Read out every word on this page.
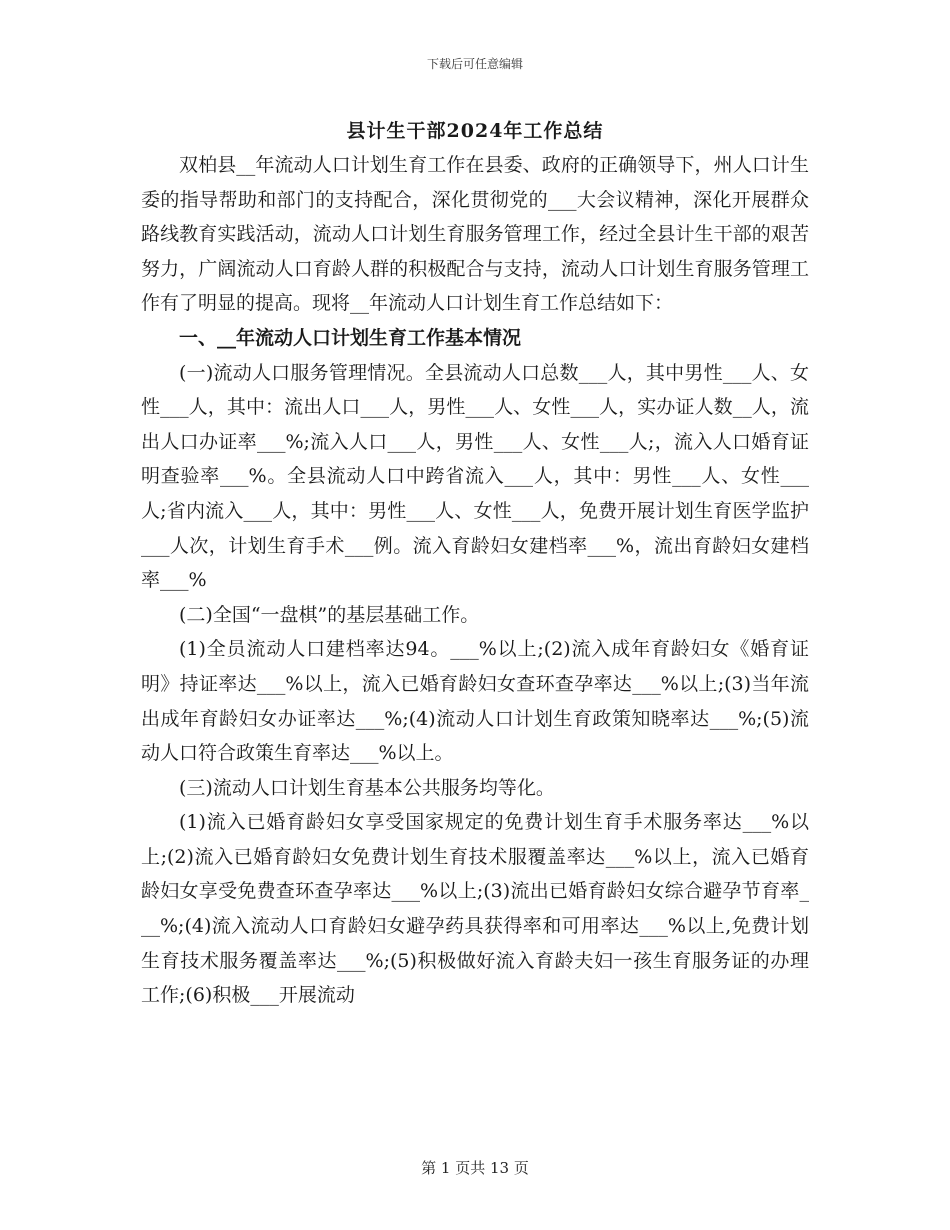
下载后可任意编辑
县计生干部2024年工作总结

双柏县__年流动人口计划生育工作在县委、政府的正确领导下，州人口计生委的指导帮助和部门的支持配合，深化贯彻党的___大会议精神，深化开展群众路线教育实践活动，流动人口计划生育服务管理工作，经过全县计生干部的艰苦努力，广阔流动人口育龄人群的积极配合与支持，流动人口计划生育服务管理工作有了明显的提高。现将__年流动人口计划生育工作总结如下：

一、__年流动人口计划生育工作基本情况

(一)流动人口服务管理情况。全县流动人口总数___人，其中男性___人、女性___人，其中：流出人口___人，男性___人、女性___人，实办证人数__人，流出人口办证率___%;流入人口___人，男性___人、女性___人;，流入人口婚育证明查验率___%。全县流动人口中跨省流入___人，其中：男性___人、女性___人;省内流入___人，其中：男性___人、女性___人，免费开展计划生育医学监护___人次，计划生育手术___例。流入育龄妇女建档率___%，流出育龄妇女建档率___%

(二)全国“一盘棋”的基层基础工作。

(1)全员流动人口建档率达94。___%以上;(2)流入成年育龄妇女《婚育证明》持证率达___%以上，流入已婚育龄妇女查环查孕率达___%以上;(3)当年流出成年育龄妇女办证率达___%;(4)流动人口计划生育政策知晓率达___%;(5)流动人口符合政策生育率达___%以上。

(三)流动人口计划生育基本公共服务均等化。

(1)流入已婚育龄妇女享受国家规定的免费计划生育手术服务率达___%以上;(2)流入已婚育龄妇女免费计划生育技术服覆盖率达___%以上，流入已婚育龄妇女享受免费查环查孕率达___%以上;(3)流出已婚育龄妇女综合避孕节育率___%;(4)流入流动人口育龄妇女避孕药具获得率和可用率达___%以上,免费计划生育技术服务覆盖率达___%;(5)积极做好流入育龄夫妇一孩生育服务证的办理工作;(6)积极___开展流动

第 1 页共 13 页
